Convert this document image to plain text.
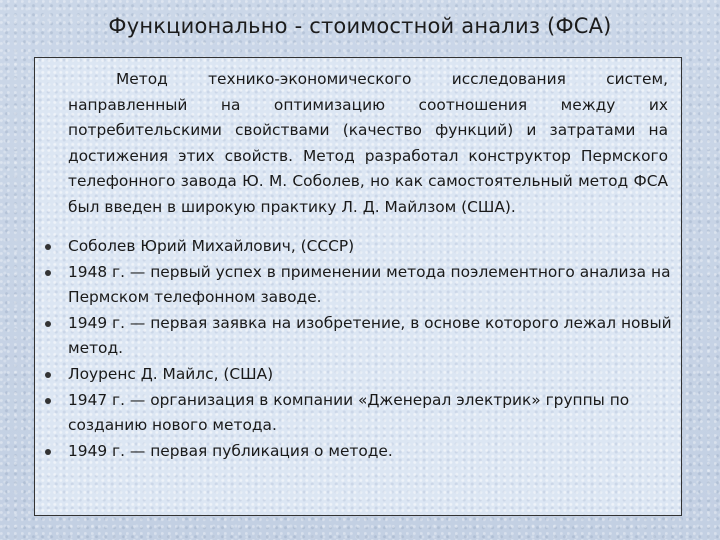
Функционально - стоимостной анализ (ФСА)

Метод технико-экономического исследования систем, направленный на оптимизацию соотношения между их потребительскими свойствами (качество функций) и затратами на достижения этих свойств. Метод разработал конструктор Пермского телефонного завода Ю. М. Соболев, но как самостоятельный метод ФСА был введен в широкую практику Л. Д. Майлзом (США).

Соболев Юрий Михайлович, (СССР)
1948 г. — первый успех в применении метода поэлементного анализа на Пермском телефонном заводе.
1949 г. — первая заявка на изобретение, в основе которого лежал новый метод.
Лоуренс Д. Майлс, (США)
1947 г. — организация в компании «Дженерал электрик» группы по созданию нового метода.
1949 г. — первая публикация о методе.
